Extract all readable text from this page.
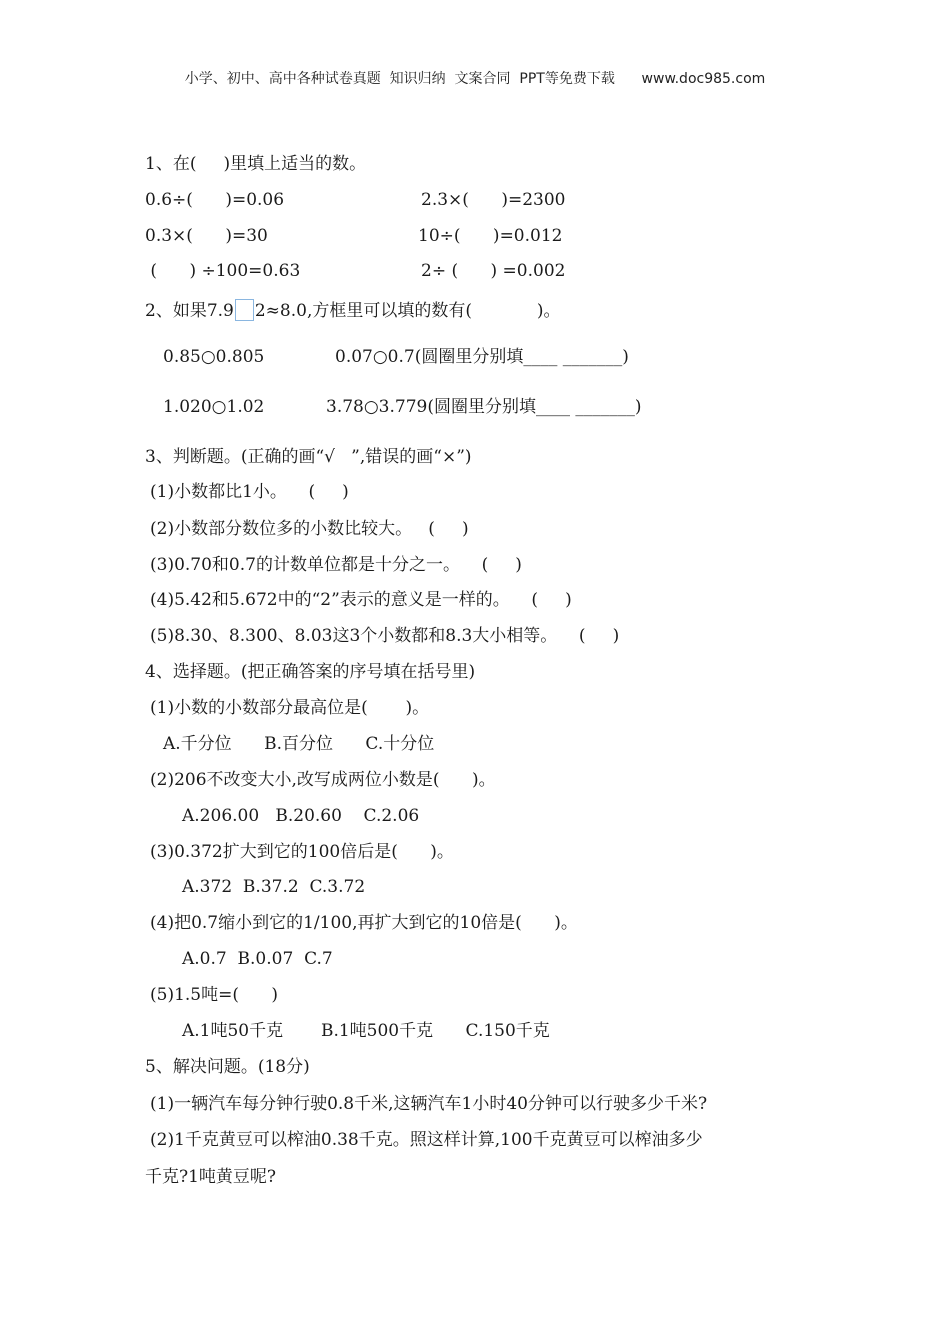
小学、初中、高中各种试卷真题  知识归纳  文案合同  PPT等免费下载      www.doc985.com
1、在(     )里填上适当的数。
0.6÷(      )=0.06	2.3×(      )=2300
0.3×(      )=30	10÷(      )=0.012
(      ) ÷100=0.63	2÷ (      ) =0.002
2、如果7.9 2≈8.0,方框里可以填的数有(            )。
0.85○0.805	0.07○0.7(圆圈里分别填____ _______)
1.020○1.02	3.78○3.779(圆圈里分别填____ _______)
3、判断题。(正确的画“√   ”,错误的画“×”)
(1)小数都比1小。    (     )
(2)小数部分数位多的小数比较大。   (     )
(3)0.70和0.7的计数单位都是十分之一。    (     )
(4)5.42和5.672中的“2”表示的意义是一样的。    (     )
(5)8.30、8.300、8.03这3个小数都和8.3大小相等。    (     )
4、选择题。(把正确答案的序号填在括号里)
(1)小数的小数部分最高位是(       )。
A.千分位      B.百分位      C.十分位
(2)206不改变大小,改写成两位小数是(      )。
A.206.00   B.20.60    C.2.06
(3)0.372扩大到它的100倍后是(      )。
A.372  B.37.2  C.3.72
(4)把0.7缩小到它的1/100,再扩大到它的10倍是(      )。
A.0.7  B.0.07  C.7
(5)1.5吨=(      )
A.1吨50千克       B.1吨500千克      C.150千克
5、解决问题。(18分)
(1)一辆汽车每分钟行驶0.8千米,这辆汽车1小时40分钟可以行驶多少千米?
(2)1千克黄豆可以榨油0.38千克。照这样计算,100千克黄豆可以榨油多少
千克?1吨黄豆呢?
